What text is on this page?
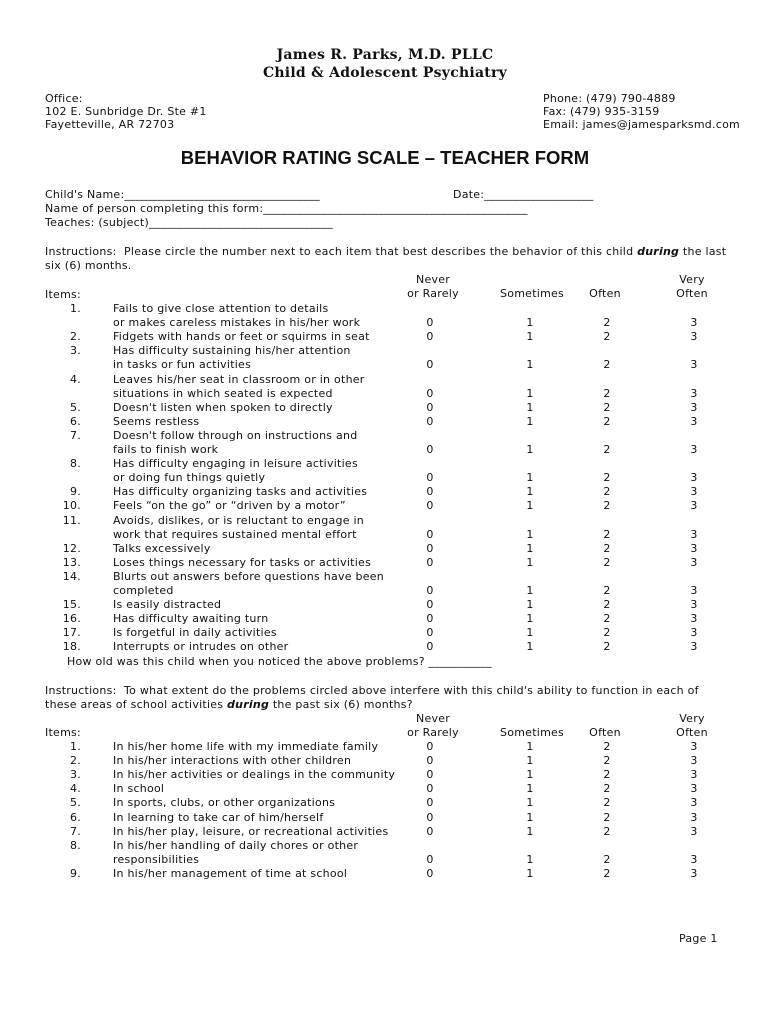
James R. Parks, M.D. PLLC
Child & Adolescent Psychiatry
Office:
102 E. Sunbridge Dr. Ste #1
Fayetteville, AR 72703
Phone: (479) 790-4889
Fax: (479) 935-3159
Email: james@jamesparksmd.com
BEHAVIOR RATING SCALE – TEACHER FORM
Child's Name:__________________________________	Date:___________________
Name of person completing this form:______________________________________________
Teaches: (subject)________________________________
Instructions:  Please circle the number next to each item that best describes the behavior of this child during the last
six (6) months.
Never
or Rarely	Sometimes	Often
Very
Often
Items:
1.	Fails to give close attention to details
or makes careless mistakes in his/her work	0	1	2	3
2.	Fidgets with hands or feet or squirms in seat	0	1	2	3
3.	Has difficulty sustaining his/her attention
in tasks or fun activities	0	1	2	3
4.	Leaves his/her seat in classroom or in other
situations in which seated is expected	0	1	2	3
5.	Doesn't listen when spoken to directly	0	1	2	3
6.	Seems restless	0	1	2	3
7.	Doesn't follow through on instructions and
fails to finish work	0	1	2	3
8.	Has difficulty engaging in leisure activities
or doing fun things quietly	0	1	2	3
9.	Has difficulty organizing tasks and activities	0	1	2	3
10.	Feels “on the go” or “driven by a motor”	0	1	2	3
11.	Avoids, dislikes, or is reluctant to engage in
work that requires sustained mental effort	0	1	2	3
12.	Talks excessively	0	1	2	3
13.	Loses things necessary for tasks or activities	0	1	2	3
14.	Blurts out answers before questions have been
completed	0	1	2	3
15.	Is easily distracted	0	1	2	3
16.	Has difficulty awaiting turn	0	1	2	3
17.	Is forgetful in daily activities	0	1	2	3
18.	Interrupts or intrudes on other	0	1	2	3
How old was this child when you noticed the above problems? ___________
Instructions:  To what extent do the problems circled above interfere with this child's ability to function in each of
these areas of school activities during the past six (6) months?
Never
or Rarely	Sometimes	Often
Very
Often
Items:
1.	In his/her home life with my immediate family	0	1	2	3
2.	In his/her interactions with other children	0	1	2	3
3.	In his/her activities or dealings in the community	0	1	2	3
4.	In school	0	1	2	3
5.	In sports, clubs, or other organizations	0	1	2	3
6.	In learning to take car of him/herself	0	1	2	3
7.	In his/her play, leisure, or recreational activities	0	1	2	3
8.	In his/her handling of daily chores or other
responsibilities	0	1	2	3
9.	In his/her management of time at school	0	1	2	3
Page 1
